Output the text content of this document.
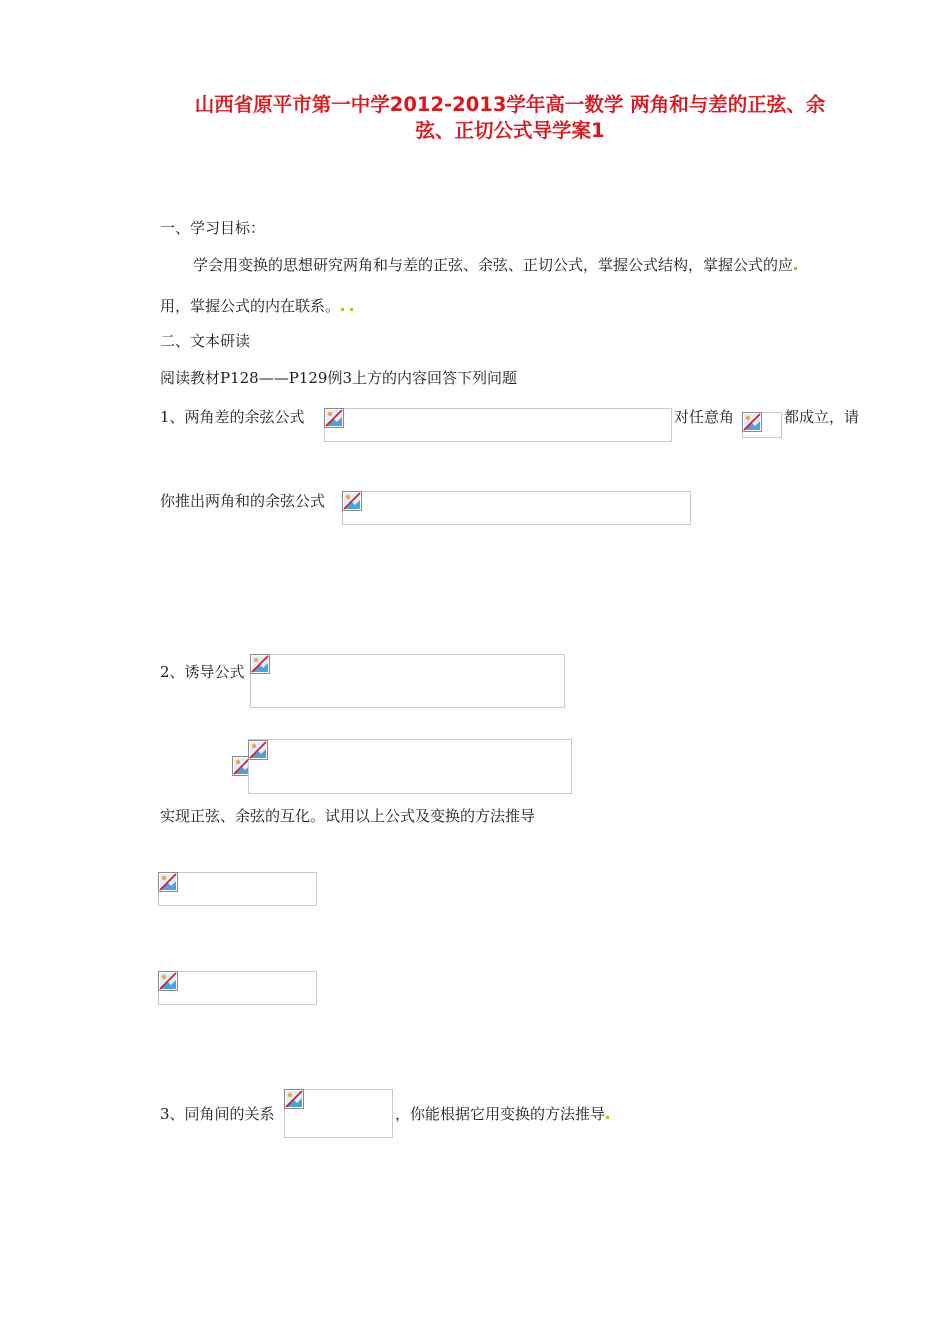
山西省原平市第一中学2012-2013学年高一数学 两角和与差的正弦、余
弦、正切公式导学案1
一、学习目标：
学会用变换的思想研究两角和与差的正弦、余弦、正切公式，掌握公式结构，掌握公式的应
用，掌握公式的内在联系。
二、文本研读
阅读教材P128——P129例3上方的内容回答下列问题
1、两角差的余弦公式	对任意角	都成立，请
你推出两角和的余弦公式
2、诱导公式
实现正弦、余弦的互化。试用以上公式及变换的方法推导
3、同角间的关系	，你能根据它用变换的方法推导
